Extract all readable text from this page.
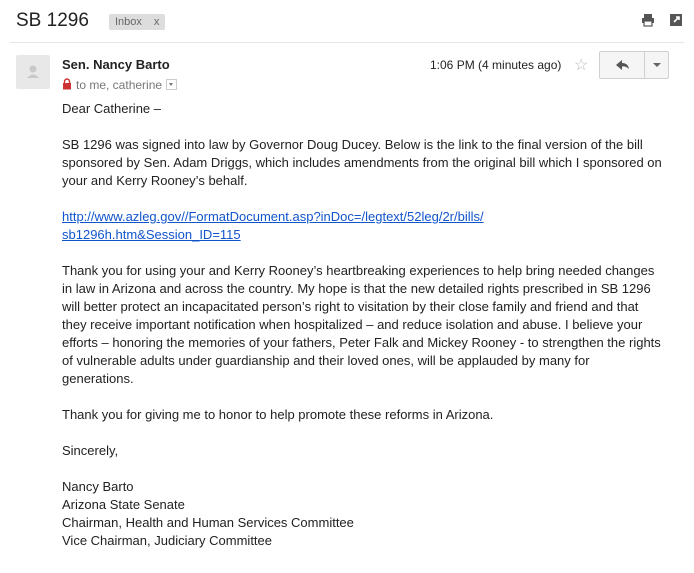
SB 1296	Inbox x

Sen. Nancy Barto
to me, catherine
1:06 PM (4 minutes ago) ☆

Dear Catherine –

SB 1296 was signed into law by Governor Doug Ducey. Below is the link to the final version of the bill sponsored by Sen. Adam Driggs, which includes amendments from the original bill which I sponsored on your and Kerry Rooney’s behalf.

http://www.azleg.gov//FormatDocument.asp?inDoc=/legtext/52leg/2r/bills/
sb1296h.htm&Session_ID=115

Thank you for using your and Kerry Rooney’s heartbreaking experiences to help bring needed changes in law in Arizona and across the country. My hope is that the new detailed rights prescribed in SB 1296 will better protect an incapacitated person’s right to visitation by their close family and friend and that they receive important notification when hospitalized – and reduce isolation and abuse. I believe your efforts – honoring the memories of your fathers, Peter Falk and Mickey Rooney - to strengthen the rights of vulnerable adults under guardianship and their loved ones, will be applauded by many for generations.

Thank you for giving me to honor to help promote these reforms in Arizona.

Sincerely,

Nancy Barto
Arizona State Senate
Chairman, Health and Human Services Committee
Vice Chairman, Judiciary Committee
